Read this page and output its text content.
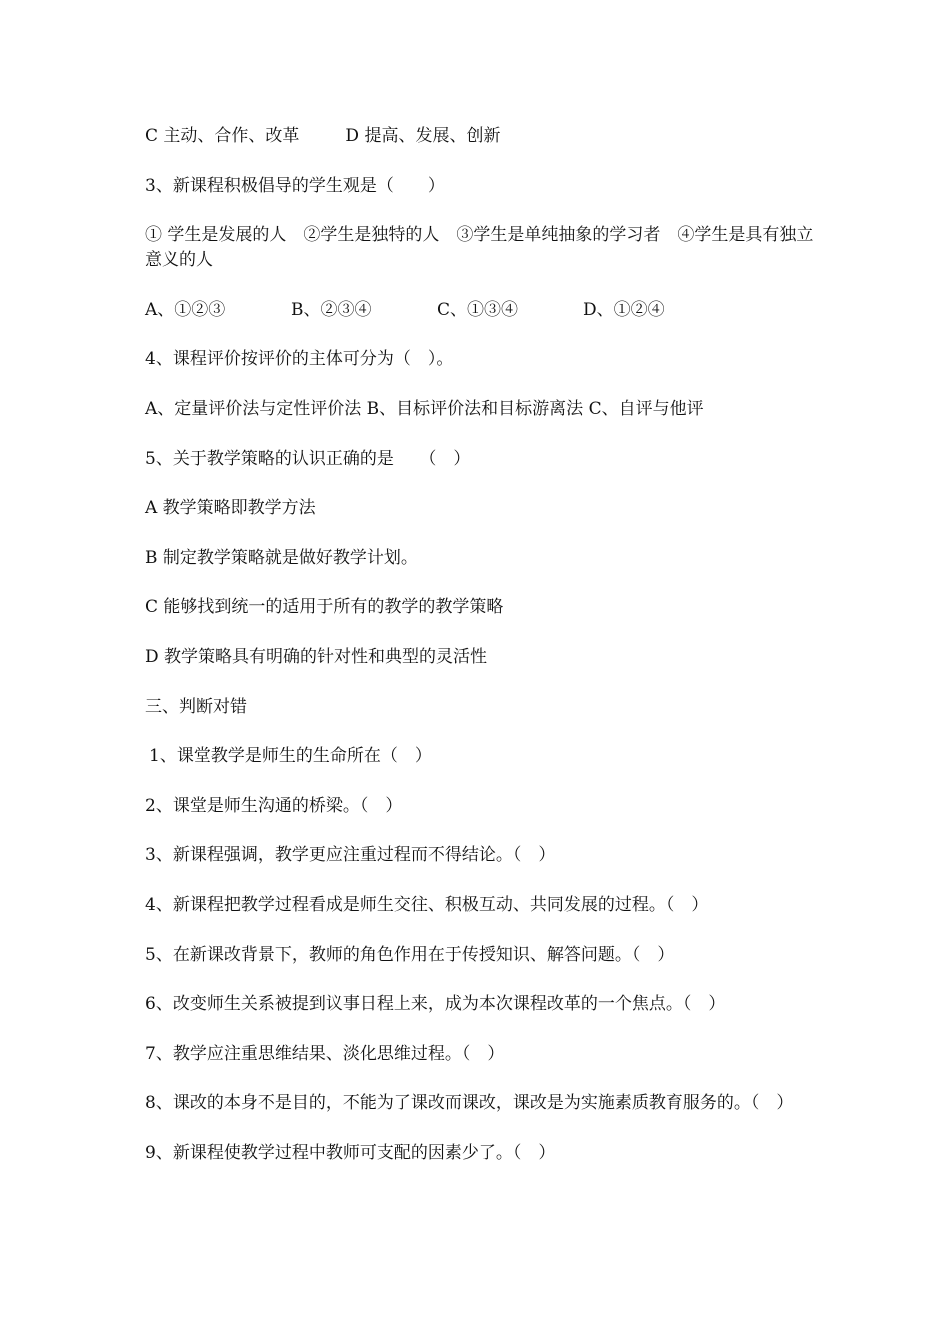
C 主动、合作、改革	D 提高、发展、创新
3、新课程积极倡导的学生观是（　　）
① 学生是发展的人　②学生是独特的人　③学生是单纯抽象的学习者　④学生是具有独立意义的人
A、①②③	B、②③④	C、①③④	D、①②④
4、课程评价按评价的主体可分为（　）。
A、定量评价法与定性评价法 B、目标评价法和目标游离法 C、自评与他评
5、关于教学策略的认识正确的是　　（　）
A 教学策略即教学方法
B 制定教学策略就是做好教学计划。
C 能够找到统一的适用于所有的教学的教学策略
D 教学策略具有明确的针对性和典型的灵活性
三、判断对错
1、课堂教学是师生的生命所在（　）
2、课堂是师生沟通的桥梁。（　）
3、新课程强调，教学更应注重过程而不得结论。（　）
4、新课程把教学过程看成是师生交往、积极互动、共同发展的过程。（　）
5、在新课改背景下，教师的角色作用在于传授知识、解答问题。（　）
6、改变师生关系被提到议事日程上来，成为本次课程改革的一个焦点。（　）
7、教学应注重思维结果、淡化思维过程。（　）
8、课改的本身不是目的，不能为了课改而课改，课改是为实施素质教育服务的。（　）
9、新课程使教学过程中教师可支配的因素少了。（　）
